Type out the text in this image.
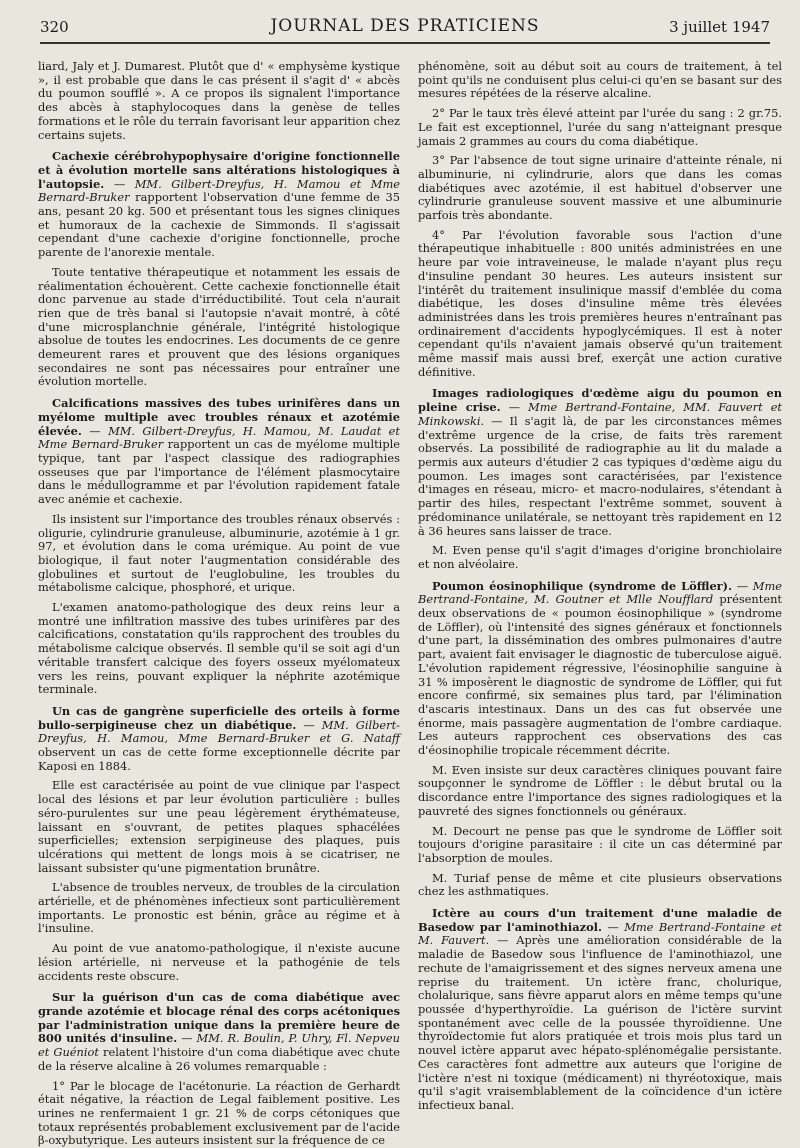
320	JOURNAL DES PRATICIENS	3 juillet 1947

liard, Jaly et J. Dumarest. Plutôt que d' « emphysème kystique », il est probable que dans le cas présent il s'agit d' « abcès du poumon soufflé ». A ce propos ils signalent l'importance des abcès à staphylocoques dans la genèse de telles formations et le rôle du terrain favorisant leur apparition chez certains sujets.

Cachexie cérébrohypophysaire d'origine fonctionnelle et à évolution mortelle sans altérations histologiques à l'autopsie. — MM. Gilbert-Dreyfus, H. Mamou et Mme Bernard-Bruker rapportent l'observation d'une femme de 35 ans, pesant 20 kg. 500 et présentant tous les signes cliniques et humoraux de la cachexie de Simmonds. Il s'agissait cependant d'une cachexie d'origine fonctionnelle, proche parente de l'anorexie mentale.

Toute tentative thérapeutique et notamment les essais de réalimentation échouèrent. Cette cachexie fonctionnelle était donc parvenue au stade d'irréductibilité. Tout cela n'aurait rien que de très banal si l'autopsie n'avait montré, à côté d'une microsplanchnie générale, l'intégrité histologique absolue de toutes les endocrines. Les documents de ce genre demeurent rares et prouvent que des lésions organiques secondaires ne sont pas nécessaires pour entraîner une évolution mortelle.

Calcifications massives des tubes urinifères dans un myélome multiple avec troubles rénaux et azotémie élevée. — MM. Gilbert-Dreyfus, H. Mamou, M. Laudat et Mme Bernard-Bruker rapportent un cas de myélome multiple typique, tant par l'aspect classique des radiographies osseuses que par l'importance de l'élément plasmocytaire dans le médullogramme et par l'évolution rapidement fatale avec anémie et cachexie.

Ils insistent sur l'importance des troubles rénaux observés : oligurie, cylindrurie granuleuse, albuminurie, azotémie à 1 gr. 97, et évolution dans le coma urémique. Au point de vue biologique, il faut noter l'augmentation considérable des globulines et surtout de l'euglobuline, les troubles du métabolisme calcique, phosphoré, et urique.

L'examen anatomo-pathologique des deux reins leur a montré une infiltration massive des tubes urinifères par des calcifications, constatation qu'ils rapprochent des troubles du métabolisme calcique observés. Il semble qu'il se soit agi d'un véritable transfert calcique des foyers osseux myélomateux vers les reins, pouvant expliquer la néphrite azotémique terminale.

Un cas de gangrène superficielle des orteils à forme bullo-serpigineuse chez un diabétique. — MM. Gilbert-Dreyfus, H. Mamou, Mme Bernard-Bruker et G. Nataff observent un cas de cette forme exceptionnelle décrite par Kaposi en 1884.

Elle est caractérisée au point de vue clinique par l'aspect local des lésions et par leur évolution particulière : bulles séro-purulentes sur une peau légèrement érythémateuse, laissant en s'ouvrant, de petites plaques sphacélées superficielles; extension serpigineuse des plaques, puis ulcérations qui mettent de longs mois à se cicatriser, ne laissant subsister qu'une pigmentation brunâtre.

L'absence de troubles nerveux, de troubles de la circulation artérielle, et de phénomènes infectieux sont particulièrement importants. Le pronostic est bénin, grâce au régime et à l'insuline.

Au point de vue anatomo-pathologique, il n'existe aucune lésion artérielle, ni nerveuse et la pathogénie de tels accidents reste obscure.

Sur la guérison d'un cas de coma diabétique avec grande azotémie et blocage rénal des corps acétoniques par l'administration unique dans la première heure de 800 unités d'insuline. — MM. R. Boulin, P. Uhry, Fl. Nepveu et Guéniot relatent l'histoire d'un coma diabétique avec chute de la réserve alcaline à 26 volumes remarquable :

1° Par le blocage de l'acétonurie. La réaction de Gerhardt était négative, la réaction de Legal faiblement positive. Les urines ne renfermaient 1 gr. 21 % de corps cétoniques que totaux représentés probablement exclusivement par de l'acide β-oxybutyrique. Les auteurs insistent sur la fréquence de ce

phénomène, soit au début soit au cours de traitement, à tel point qu'ils ne conduisent plus celui-ci qu'en se basant sur des mesures répétées de la réserve alcaline.

2° Par le taux très élevé atteint par l'urée du sang : 2 gr.75. Le fait est exceptionnel, l'urée du sang n'atteignant presque jamais 2 grammes au cours du coma diabétique.

3° Par l'absence de tout signe urinaire d'atteinte rénale, ni albuminurie, ni cylindrurie, alors que dans les comas diabétiques avec azotémie, il est habituel d'observer une cylindrurie granuleuse souvent massive et une albuminurie parfois très abondante.

4° Par l'évolution favorable sous l'action d'une thérapeutique inhabituelle : 800 unités administrées en une heure par voie intraveineuse, le malade n'ayant plus reçu d'insuline pendant 30 heures. Les auteurs insistent sur l'intérêt du traitement insulinique massif d'emblée du coma diabétique, les doses d'insuline même très élevées administrées dans les trois premières heures n'entraînant pas ordinairement d'accidents hypoglycémiques. Il est à noter cependant qu'ils n'avaient jamais observé qu'un traitement même massif mais aussi bref, exerçât une action curative définitive.

Images radiologiques d'œdème aigu du poumon en pleine crise. — Mme Bertrand-Fontaine, MM. Fauvert et Minkowski. — Il s'agit là, de par les circonstances mêmes d'extrême urgence de la crise, de faits très rarement observés. La possibilité de radiographie au lit du malade a permis aux auteurs d'étudier 2 cas typiques d'œdème aigu du poumon. Les images sont caractérisées, par l'existence d'images en réseau, micro- et macro-nodulaires, s'étendant à partir des hiles, respectant l'extrême sommet, souvent à prédominance unilatérale, se nettoyant très rapidement en 12 à 36 heures sans laisser de trace.

M. Even pense qu'il s'agit d'images d'origine bronchiolaire et non alvéolaire.

Poumon éosinophilique (syndrome de Löffler). — Mme Bertrand-Fontaine, M. Goutner et Mlle Noufflard présentent deux observations de « poumon éosinophilique » (syndrome de Löffler), où l'intensité des signes généraux et fonctionnels d'une part, la dissémination des ombres pulmonaires d'autre part, avaient fait envisager le diagnostic de tuberculose aiguë. L'évolution rapidement régressive, l'éosinophilie sanguine à 31 % imposèrent le diagnostic de syndrome de Löffler, qui fut encore confirmé, six semaines plus tard, par l'élimination d'ascaris intestinaux. Dans un des cas fut observée une énorme, mais passagère augmentation de l'ombre cardiaque. Les auteurs rapprochent ces observations des cas d'éosinophilie tropicale récemment décrite.

M. Even insiste sur deux caractères cliniques pouvant faire soupçonner le syndrome de Löffler : le début brutal ou la discordance entre l'importance des signes radiologiques et la pauvreté des signes fonctionnels ou généraux.

M. Decourt ne pense pas que le syndrome de Löffler soit toujours d'origine parasitaire : il cite un cas déterminé par l'absorption de moules.

M. Turiaf pense de même et cite plusieurs observations chez les asthmatiques.

Ictère au cours d'un traitement d'une maladie de Basedow par l'aminothiazol. — Mme Bertrand-Fontaine et M. Fauvert. — Après une amélioration considérable de la maladie de Basedow sous l'influence de l'aminothiazol, une rechute de l'amaigrissement et des signes nerveux amena une reprise du traitement. Un ictère franc, cholurique, cholalurique, sans fièvre apparut alors en même temps qu'une poussée d'hyperthyroïdie. La guérison de l'ictère survint spontanément avec celle de la poussée thyroïdienne. Une thyroïdectomie fut alors pratiquée et trois mois plus tard un nouvel ictère apparut avec hépato-splénomégalie persistante. Ces caractères font admettre aux auteurs que l'origine de l'ictère n'est ni toxique (médicament) ni thyréotoxique, mais qu'il s'agit vraisemblablement de la coïncidence d'un ictère infectieux banal.
